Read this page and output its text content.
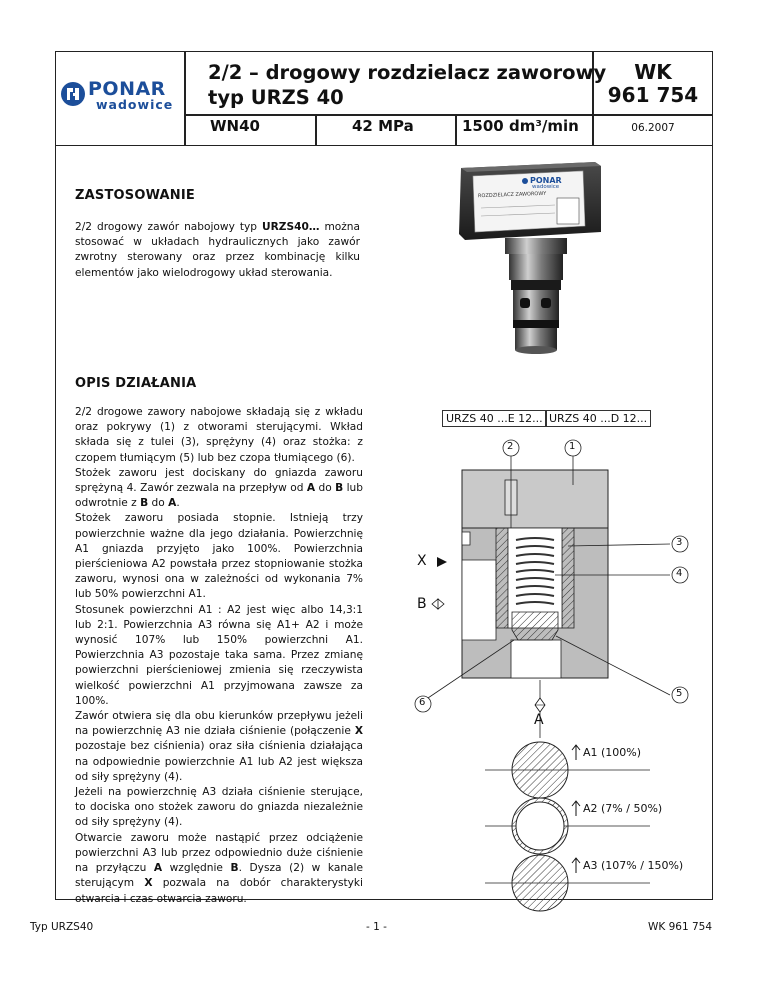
PONAR
wadowice
2/2 – drogowy rozdzielacz zaworowy
typ URZS 40
WN40	42 MPa	1500 dm³/min
WK
961 754
06.2007
ZASTOSOWANIE
2/2 drogowy zawór nabojowy typ URZS40… można stosować w układach hydraulicznych jako zawór zwrotny sterowany oraz przez kombinację kilku elementów jako wielodrogowy układ sterowania.
PONAR
wadowice
ROZDZIELACZ ZAWOROWY
OPIS DZIAŁANIA

2/2 drogowe zawory nabojowe składają się z wkładu oraz pokrywy (1) z otworami sterującymi. Wkład składa się z tulei (3), sprężyny (4) oraz stożka: z czopem tłumiącym (5) lub bez czopa tłumiącego (6).

Stożek zaworu jest dociskany do gniazda zaworu sprężyną 4. Zawór zezwala na przepływ od A do B lub odwrotnie z B do A.

Stożek zaworu posiada stopnie. Istnieją trzy powierzchnie ważne dla jego działania. Powierzchnię A1 gniazda przyjęto jako 100%. Powierzchnia pierścieniowa A2 powstała przez stopniowanie stożka zaworu, wynosi ona w zależności od wykonania 7% lub 50% powierzchni A1.

Stosunek powierzchni A1 : A2 jest więc albo 14,3:1 lub 2:1. Powierzchnia A3 równa się A1+ A2 i może wynosić 107% lub 150% powierzchni A1. Powierzchnia A3 pozostaje taka sama. Przez zmianę powierzchni pierścieniowej zmienia się rzeczywista wielkość powierzchni A1 przyjmowana zawsze za 100%.

Zawór otwiera się dla obu kierunków przepływu jeżeli na powierzchnię A3 nie działa ciśnienie (połączenie X pozostaje bez ciśnienia) oraz siła ciśnienia działająca na odpowiednie powierzchnie A1 lub A2 jest większa od siły sprężyny (4).

Jeżeli na powierzchnię A3 działa ciśnienie sterujące, to dociska ono stożek zaworu do gniazda niezależnie od siły sprężyny (4).

Otwarcie zaworu może nastąpić przez odciążenie powierzchni A3 lub przez odpowiednio duże ciśnienie na przyłączu A względnie B. Dysza (2) w kanale sterującym X pozwala na dobór charakterystyki otwarcia i czas otwarcia zaworu.

URZS 40 ...E 12... URZS 40 ...D 12...
2	1
3
4
5
6
X
B
A
A1 (100%)
A2 (7% / 50%)
A3 (107% / 150%)
Typ URZS40	- 1 -	WK 961 754
